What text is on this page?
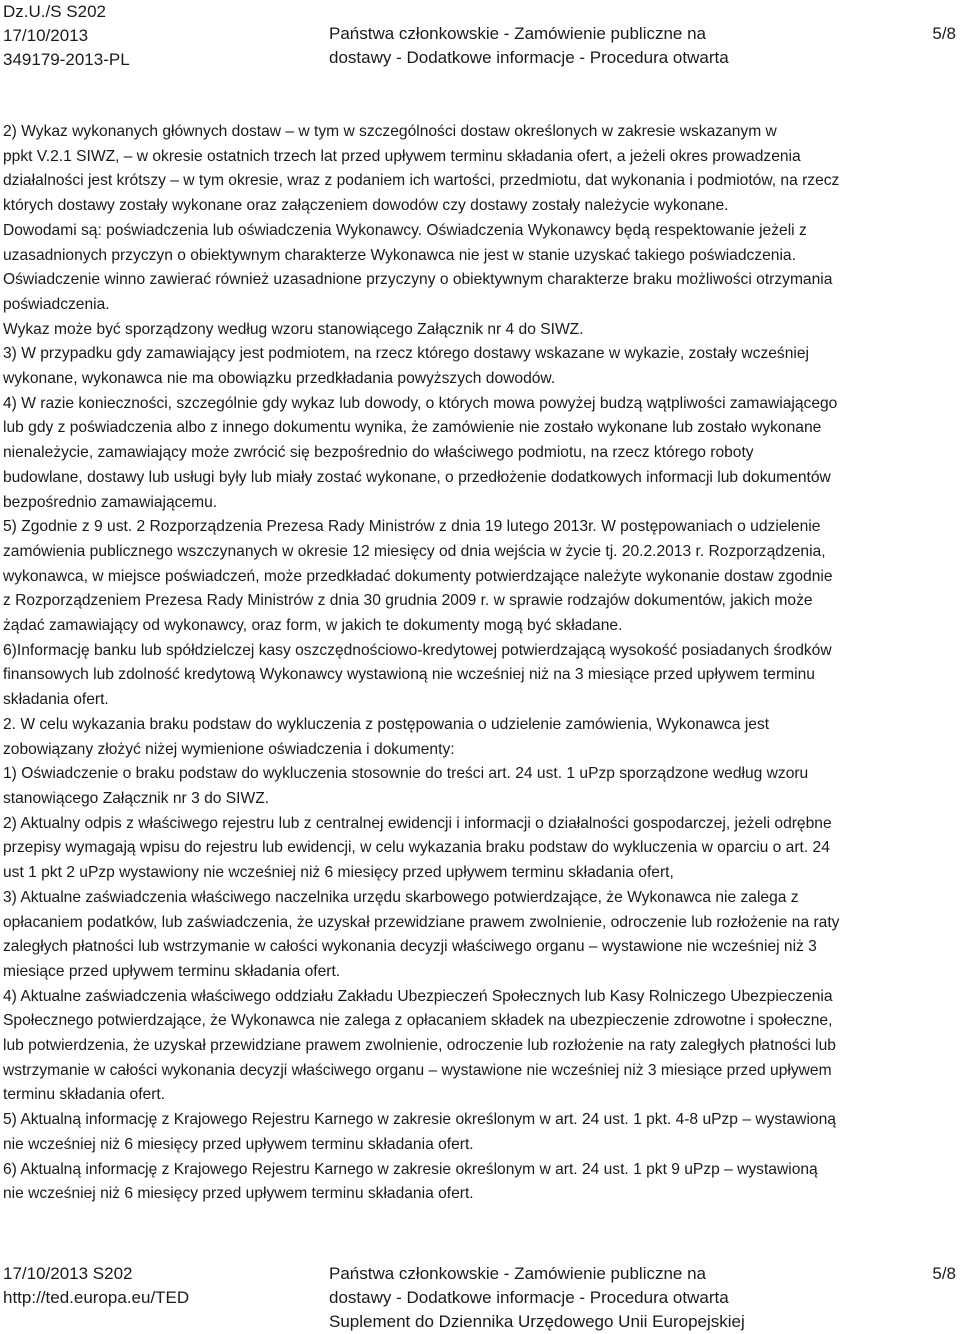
Dz.U./S S202
17/10/2013
349179-2013-PL
Państwa członkowskie - Zamówienie publiczne na
dostawy - Dodatkowe informacje - Procedura otwarta
5/8
2) Wykaz wykonanych głównych dostaw – w tym w szczególności dostaw określonych w zakresie wskazanym w
ppkt V.2.1 SIWZ, – w okresie ostatnich trzech lat przed upływem terminu składania ofert, a jeżeli okres prowadzenia
działalności jest krótszy – w tym okresie, wraz z podaniem ich wartości, przedmiotu, dat wykonania i podmiotów, na rzecz
których dostawy zostały wykonane oraz załączeniem dowodów czy dostawy zostały należycie wykonane.
Dowodami są: poświadczenia lub oświadczenia Wykonawcy. Oświadczenia Wykonawcy będą respektowanie jeżeli z
uzasadnionych przyczyn o obiektywnym charakterze Wykonawca nie jest w stanie uzyskać takiego poświadczenia.
Oświadczenie winno zawierać również uzasadnione przyczyny o obiektywnym charakterze braku możliwości otrzymania
poświadczenia.
Wykaz może być sporządzony według wzoru stanowiącego Załącznik nr 4 do SIWZ.
3) W przypadku gdy zamawiający jest podmiotem, na rzecz którego dostawy wskazane w wykazie, zostały wcześniej
wykonane, wykonawca nie ma obowiązku przedkładania powyższych dowodów.
4) W razie konieczności, szczególnie gdy wykaz lub dowody, o których mowa powyżej budzą wątpliwości zamawiającego
lub gdy z poświadczenia albo z innego dokumentu wynika, że zamówienie nie zostało wykonane lub zostało wykonane
nienależycie, zamawiający może zwrócić się bezpośrednio do właściwego podmiotu, na rzecz którego roboty
budowlane, dostawy lub usługi były lub miały zostać wykonane, o przedłożenie dodatkowych informacji lub dokumentów
bezpośrednio zamawiającemu.
5) Zgodnie z 9 ust. 2 Rozporządzenia Prezesa Rady Ministrów z dnia 19 lutego 2013r. W postępowaniach o udzielenie
zamówienia publicznego wszczynanych w okresie 12 miesięcy od dnia wejścia w życie tj. 20.2.2013 r. Rozporządzenia,
wykonawca, w miejsce poświadczeń, może przedkładać dokumenty potwierdzające należyte wykonanie dostaw zgodnie
z Rozporządzeniem Prezesa Rady Ministrów z dnia 30 grudnia 2009 r. w sprawie rodzajów dokumentów, jakich może
żądać zamawiający od wykonawcy, oraz form, w jakich te dokumenty mogą być składane.
6)Informację banku lub spółdzielczej kasy oszczędnościowo-kredytowej potwierdzającą wysokość posiadanych środków
finansowych lub zdolność kredytową Wykonawcy wystawioną nie wcześniej niż na 3 miesiące przed upływem terminu
składania ofert.
2. W celu wykazania braku podstaw do wykluczenia z postępowania o udzielenie zamówienia, Wykonawca jest
zobowiązany złożyć niżej wymienione oświadczenia i dokumenty:
1) Oświadczenie o braku podstaw do wykluczenia stosownie do treści art. 24 ust. 1 uPzp sporządzone według wzoru
stanowiącego Załącznik nr 3 do SIWZ.
2) Aktualny odpis z właściwego rejestru lub z centralnej ewidencji i informacji o działalności gospodarczej, jeżeli odrębne
przepisy wymagają wpisu do rejestru lub ewidencji, w celu wykazania braku podstaw do wykluczenia w oparciu o art. 24
ust 1 pkt 2 uPzp wystawiony nie wcześniej niż 6 miesięcy przed upływem terminu składania ofert,
3) Aktualne zaświadczenia właściwego naczelnika urzędu skarbowego potwierdzające, że Wykonawca nie zalega z
opłacaniem podatków, lub zaświadczenia, że uzyskał przewidziane prawem zwolnienie, odroczenie lub rozłożenie na raty
zaległych płatności lub wstrzymanie w całości wykonania decyzji właściwego organu – wystawione nie wcześniej niż 3
miesiące przed upływem terminu składania ofert.
4) Aktualne zaświadczenia właściwego oddziału Zakładu Ubezpieczeń Społecznych lub Kasy Rolniczego Ubezpieczenia
Społecznego potwierdzające, że Wykonawca nie zalega z opłacaniem składek na ubezpieczenie zdrowotne i społeczne,
lub potwierdzenia, że uzyskał przewidziane prawem zwolnienie, odroczenie lub rozłożenie na raty zaległych płatności lub
wstrzymanie w całości wykonania decyzji właściwego organu – wystawione nie wcześniej niż 3 miesiące przed upływem
terminu składania ofert.
5) Aktualną informację z Krajowego Rejestru Karnego w zakresie określonym w art. 24 ust. 1 pkt. 4-8 uPzp – wystawioną
nie wcześniej niż 6 miesięcy przed upływem terminu składania ofert.
6) Aktualną informację z Krajowego Rejestru Karnego w zakresie określonym w art. 24 ust. 1 pkt 9 uPzp – wystawioną
nie wcześniej niż 6 miesięcy przed upływem terminu składania ofert.
17/10/2013 S202
http://ted.europa.eu/TED
Państwa członkowskie - Zamówienie publiczne na
dostawy - Dodatkowe informacje - Procedura otwarta
Suplement do Dziennika Urzędowego Unii Europejskiej
5/8
